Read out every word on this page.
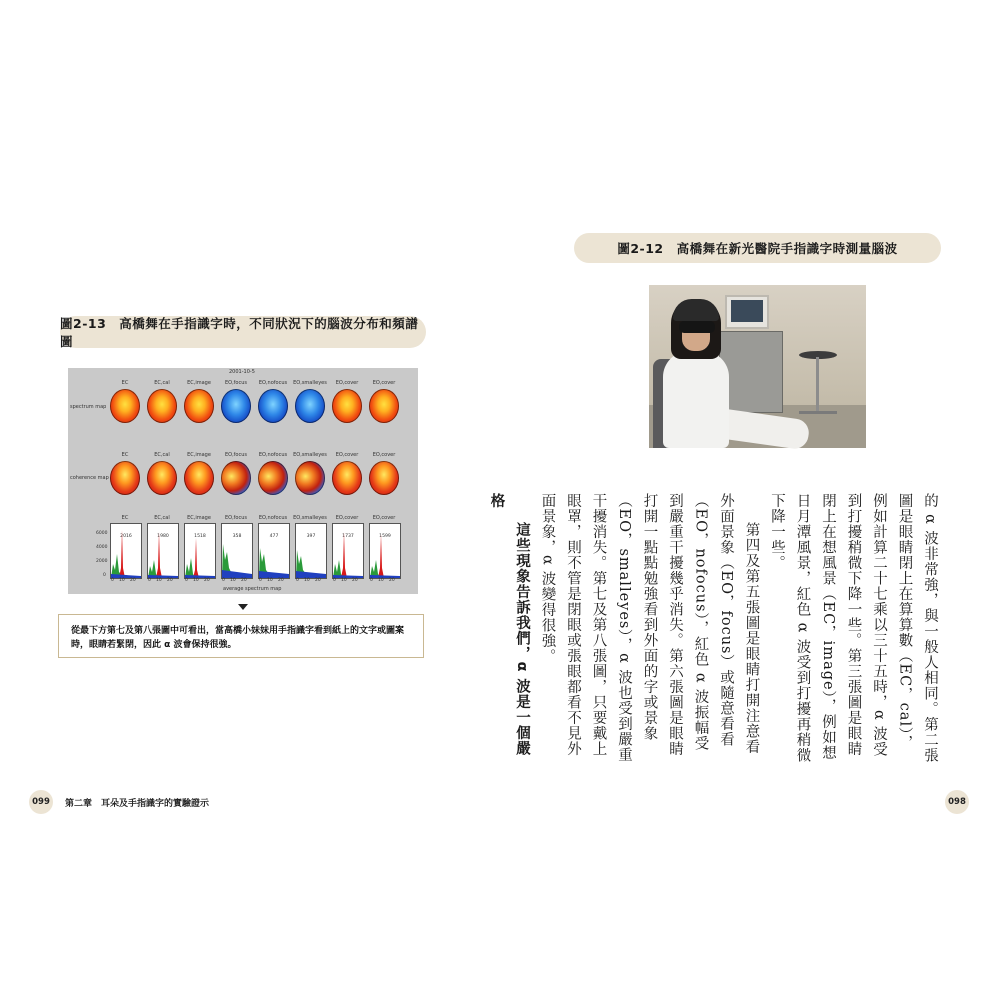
圖2-13　高橋舞在手指識字時，不同狀況下的腦波分布和頻譜圖
2001-10-5
spectrum map
coherence map
EC	EC,cal	EC,image	EO,focus	EO,nofocus	EO,smalleyes	EO,cover	EO,cover
EC	EC,cal	EC,image	EO,focus	EO,nofocus	EO,smalleyes	EO,cover	EO,cover
EC	EC,cal	EC,image	EO,focus	EO,nofocus	EO,smalleyes	EO,cover	EO,cover
6000
4000
2000
0
2016	1980	1518	358	477	397	1737	1599
0 10 20	0 10 20	0 10 20	0 10 20	0 10 20	0 10 20	0 10 20	0 10 20
average spectrum map
從最下方第七及第八張圖中可看出，當高橋小妹妹用手指識字看到紙上的文字或圖案時，眼睛若緊閉，因此 α 波會保持很強。
圖2-12　高橋舞在新光醫院手指識字時測量腦波

的 α 波非常強，與一般人相同。第二張圖是眼睛閉上在算算數（EC，cal），例如計算二十七乘以三十五時，α 波受到打擾稍微下降一些。第三張圖是眼睛閉上在想風景（EC，image），例如想日月潭風景，紅色 α 波受到打擾再稍微下降一些。

第四及第五張圖是眼睛打開注意看外面景象（EO，focus）或隨意看看（EO，nofocus），紅色 α 波振幅受到嚴重干擾幾乎消失。第六張圖是眼睛打開一點點勉強看到外面的字或景象（EO，smalleyes），α 波也受到嚴重干擾消失。第七及第八張圖，只要戴上眼罩，則不管是閉眼或張眼都看不見外面景象，α 波變得很強。

這些現象告訴我們，α 波是一個嚴格

099	第二章　耳朵及手指識字的實驗證示	098
